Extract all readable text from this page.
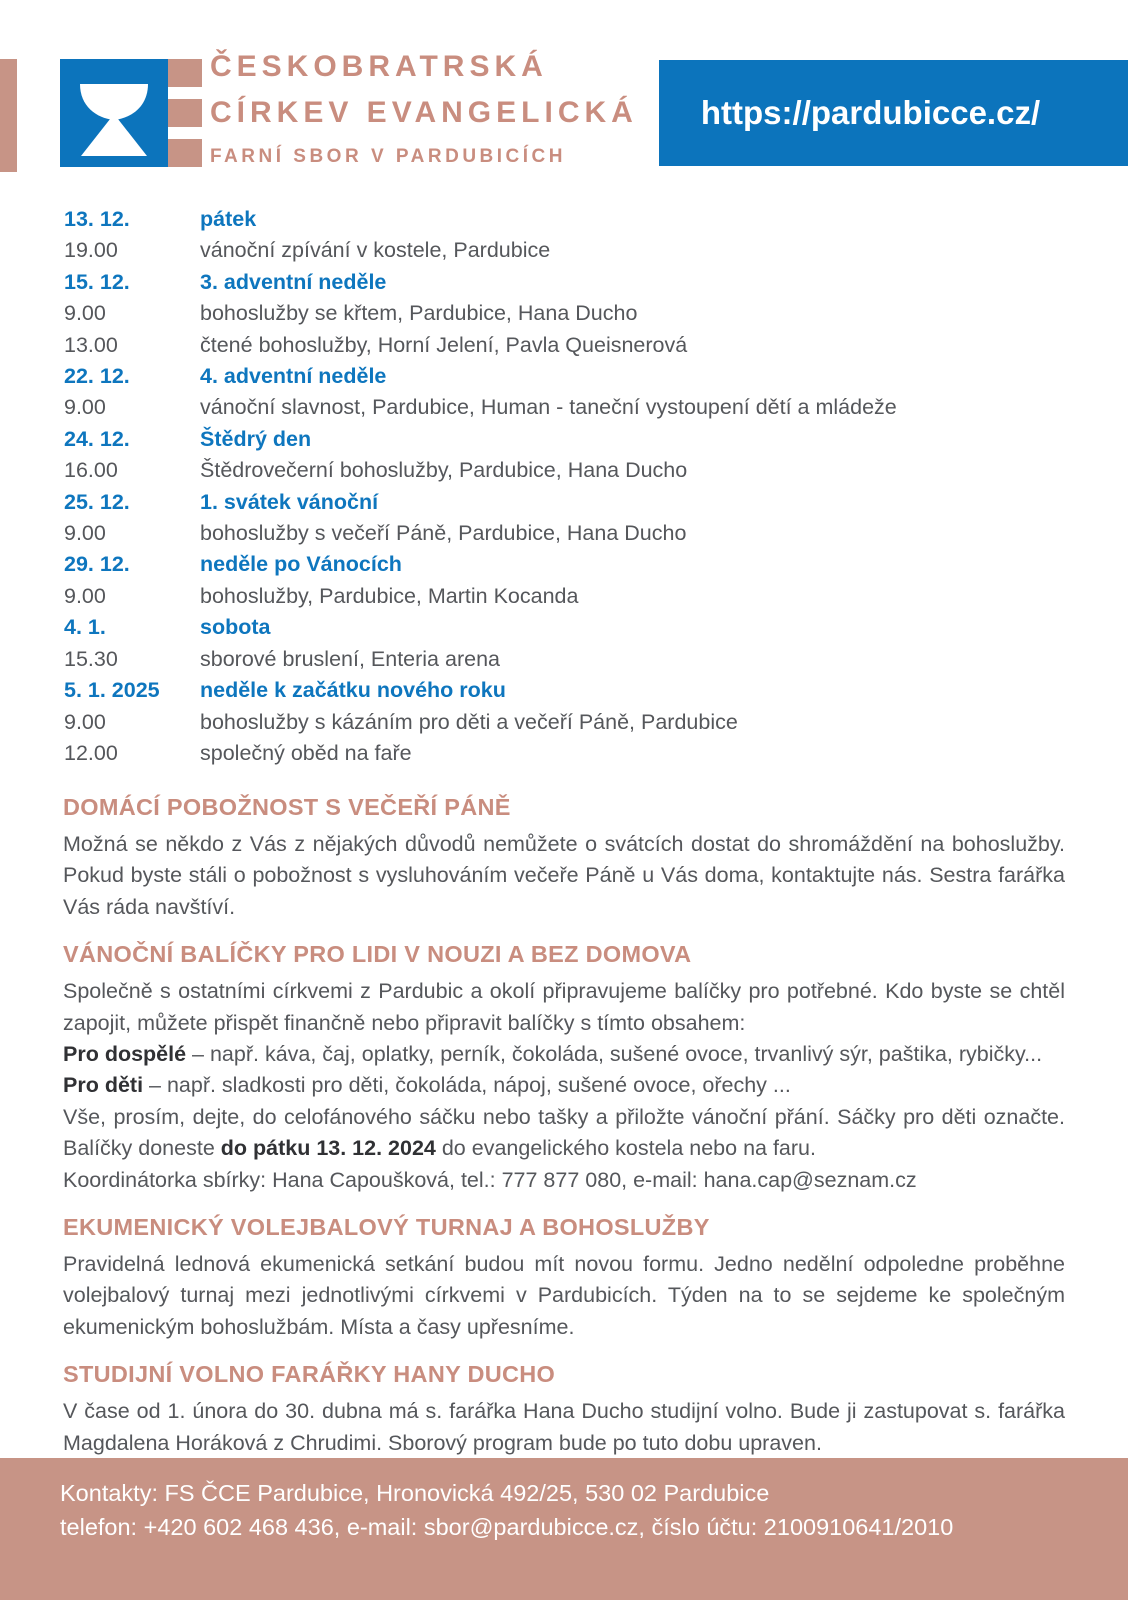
ČESKOBRATRSKÁ
CÍRKEV EVANGELICKÁ
FARNÍ SBOR V PARDUBICÍCH
https://pardubicce.cz/
13. 12.	pátek
19.00	vánoční zpívání v kostele, Pardubice
15. 12.	3. adventní neděle
9.00	bohoslužby se křtem, Pardubice, Hana Ducho
13.00	čtené bohoslužby, Horní Jelení, Pavla Queisnerová
22. 12.	4. adventní neděle
9.00	vánoční slavnost, Pardubice, Human - taneční vystoupení dětí a mládeže
24. 12.	Štědrý den
16.00	Štědrovečerní bohoslužby, Pardubice, Hana Ducho
25. 12.	1. svátek vánoční
9.00	bohoslužby s večeří Páně, Pardubice, Hana Ducho
29. 12.	neděle po Vánocích
9.00	bohoslužby, Pardubice, Martin Kocanda
4. 1.	sobota
15.30	sborové bruslení, Enteria arena
5. 1. 2025	neděle k začátku nového roku
9.00	bohoslužby s kázáním pro děti a večeří Páně, Pardubice
12.00	společný oběd na faře
DOMÁCÍ POBOŽNOST S VEČEŘÍ PÁNĚ

Možná se někdo z Vás z nějakých důvodů nemůžete o svátcích dostat do shromáždění na bohoslužby. Pokud byste stáli o pobožnost s vysluhováním večeře Páně u Vás doma, kontaktujte nás. Sestra farářka Vás ráda navštíví.

VÁNOČNÍ BALÍČKY PRO LIDI V NOUZI A BEZ DOMOVA

Společně s ostatními církvemi z Pardubic a okolí připravujeme balíčky pro potřebné. Kdo byste se chtěl zapojit, můžete přispět finančně nebo připravit balíčky s tímto obsahem:

Pro dospělé – např. káva, čaj, oplatky, perník, čokoláda, sušené ovoce, trvanlivý sýr, paštika, rybičky...

Pro děti – např. sladkosti pro děti, čokoláda, nápoj, sušené ovoce, ořechy ...

Vše, prosím, dejte, do celofánového sáčku nebo tašky a přiložte vánoční přání. Sáčky pro děti označte. Balíčky doneste do pátku 13. 12. 2024 do evangelického kostela nebo na faru.

Koordinátorka sbírky: Hana Capoušková, tel.: 777 877 080, e-mail: hana.cap@seznam.cz

EKUMENICKÝ VOLEJBALOVÝ TURNAJ A BOHOSLUŽBY

Pravidelná lednová ekumenická setkání budou mít novou formu. Jedno nedělní odpoledne proběhne volejbalový turnaj mezi jednotlivými církvemi v Pardubicích. Týden na to se sejdeme ke společným ekumenickým bohoslužbám. Místa a časy upřesníme.

STUDIJNÍ VOLNO FARÁŘKY HANY DUCHO

V čase od 1. února do 30. dubna má s. farářka Hana Ducho studijní volno. Bude ji zastupovat s. farářka Magdalena Horáková z Chrudimi. Sborový program bude po tuto dobu upraven.

Kontakty: FS ČCE Pardubice, Hronovická 492/25, 530 02 Pardubice
telefon: +420 602 468 436, e-mail: sbor@pardubicce.cz, číslo účtu: 2100910641/2010
